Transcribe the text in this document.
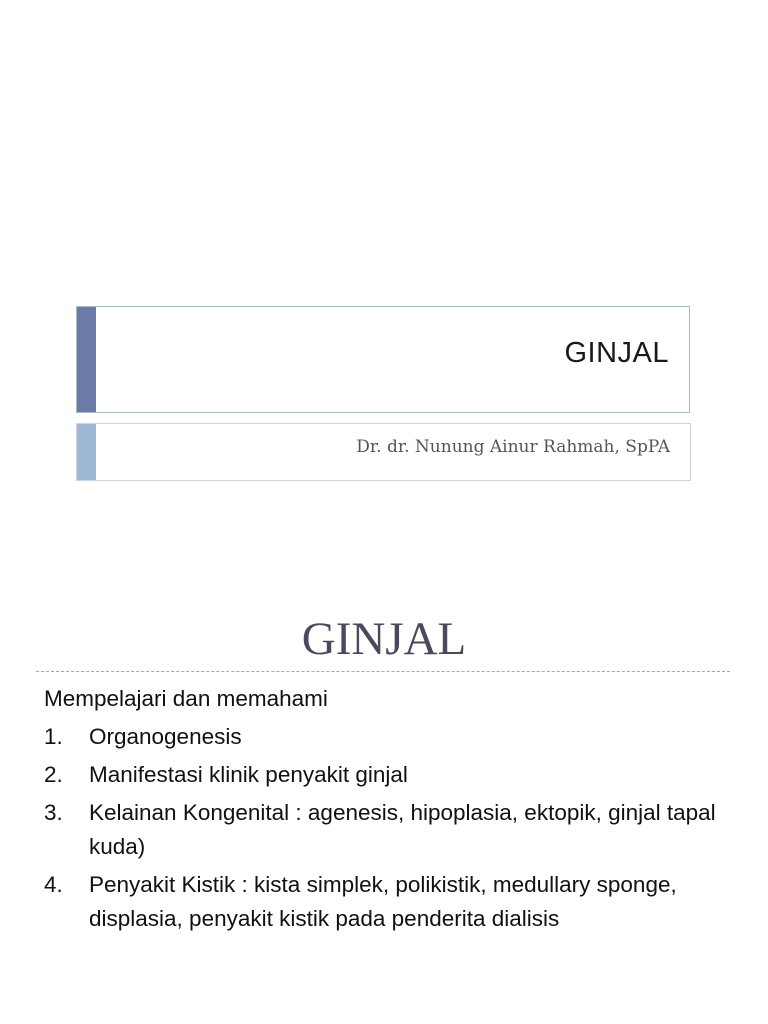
GINJAL
Dr. dr. Nunung Ainur Rahmah, SpPA
GINJAL
Mempelajari dan memahami
1. Organogenesis
2. Manifestasi klinik penyakit ginjal
3. Kelainan Kongenital : agenesis, hipoplasia, ektopik, ginjal tapal kuda)
4. Penyakit Kistik : kista simplek, polikistik, medullary sponge, displasia, penyakit kistik pada penderita dialisis
